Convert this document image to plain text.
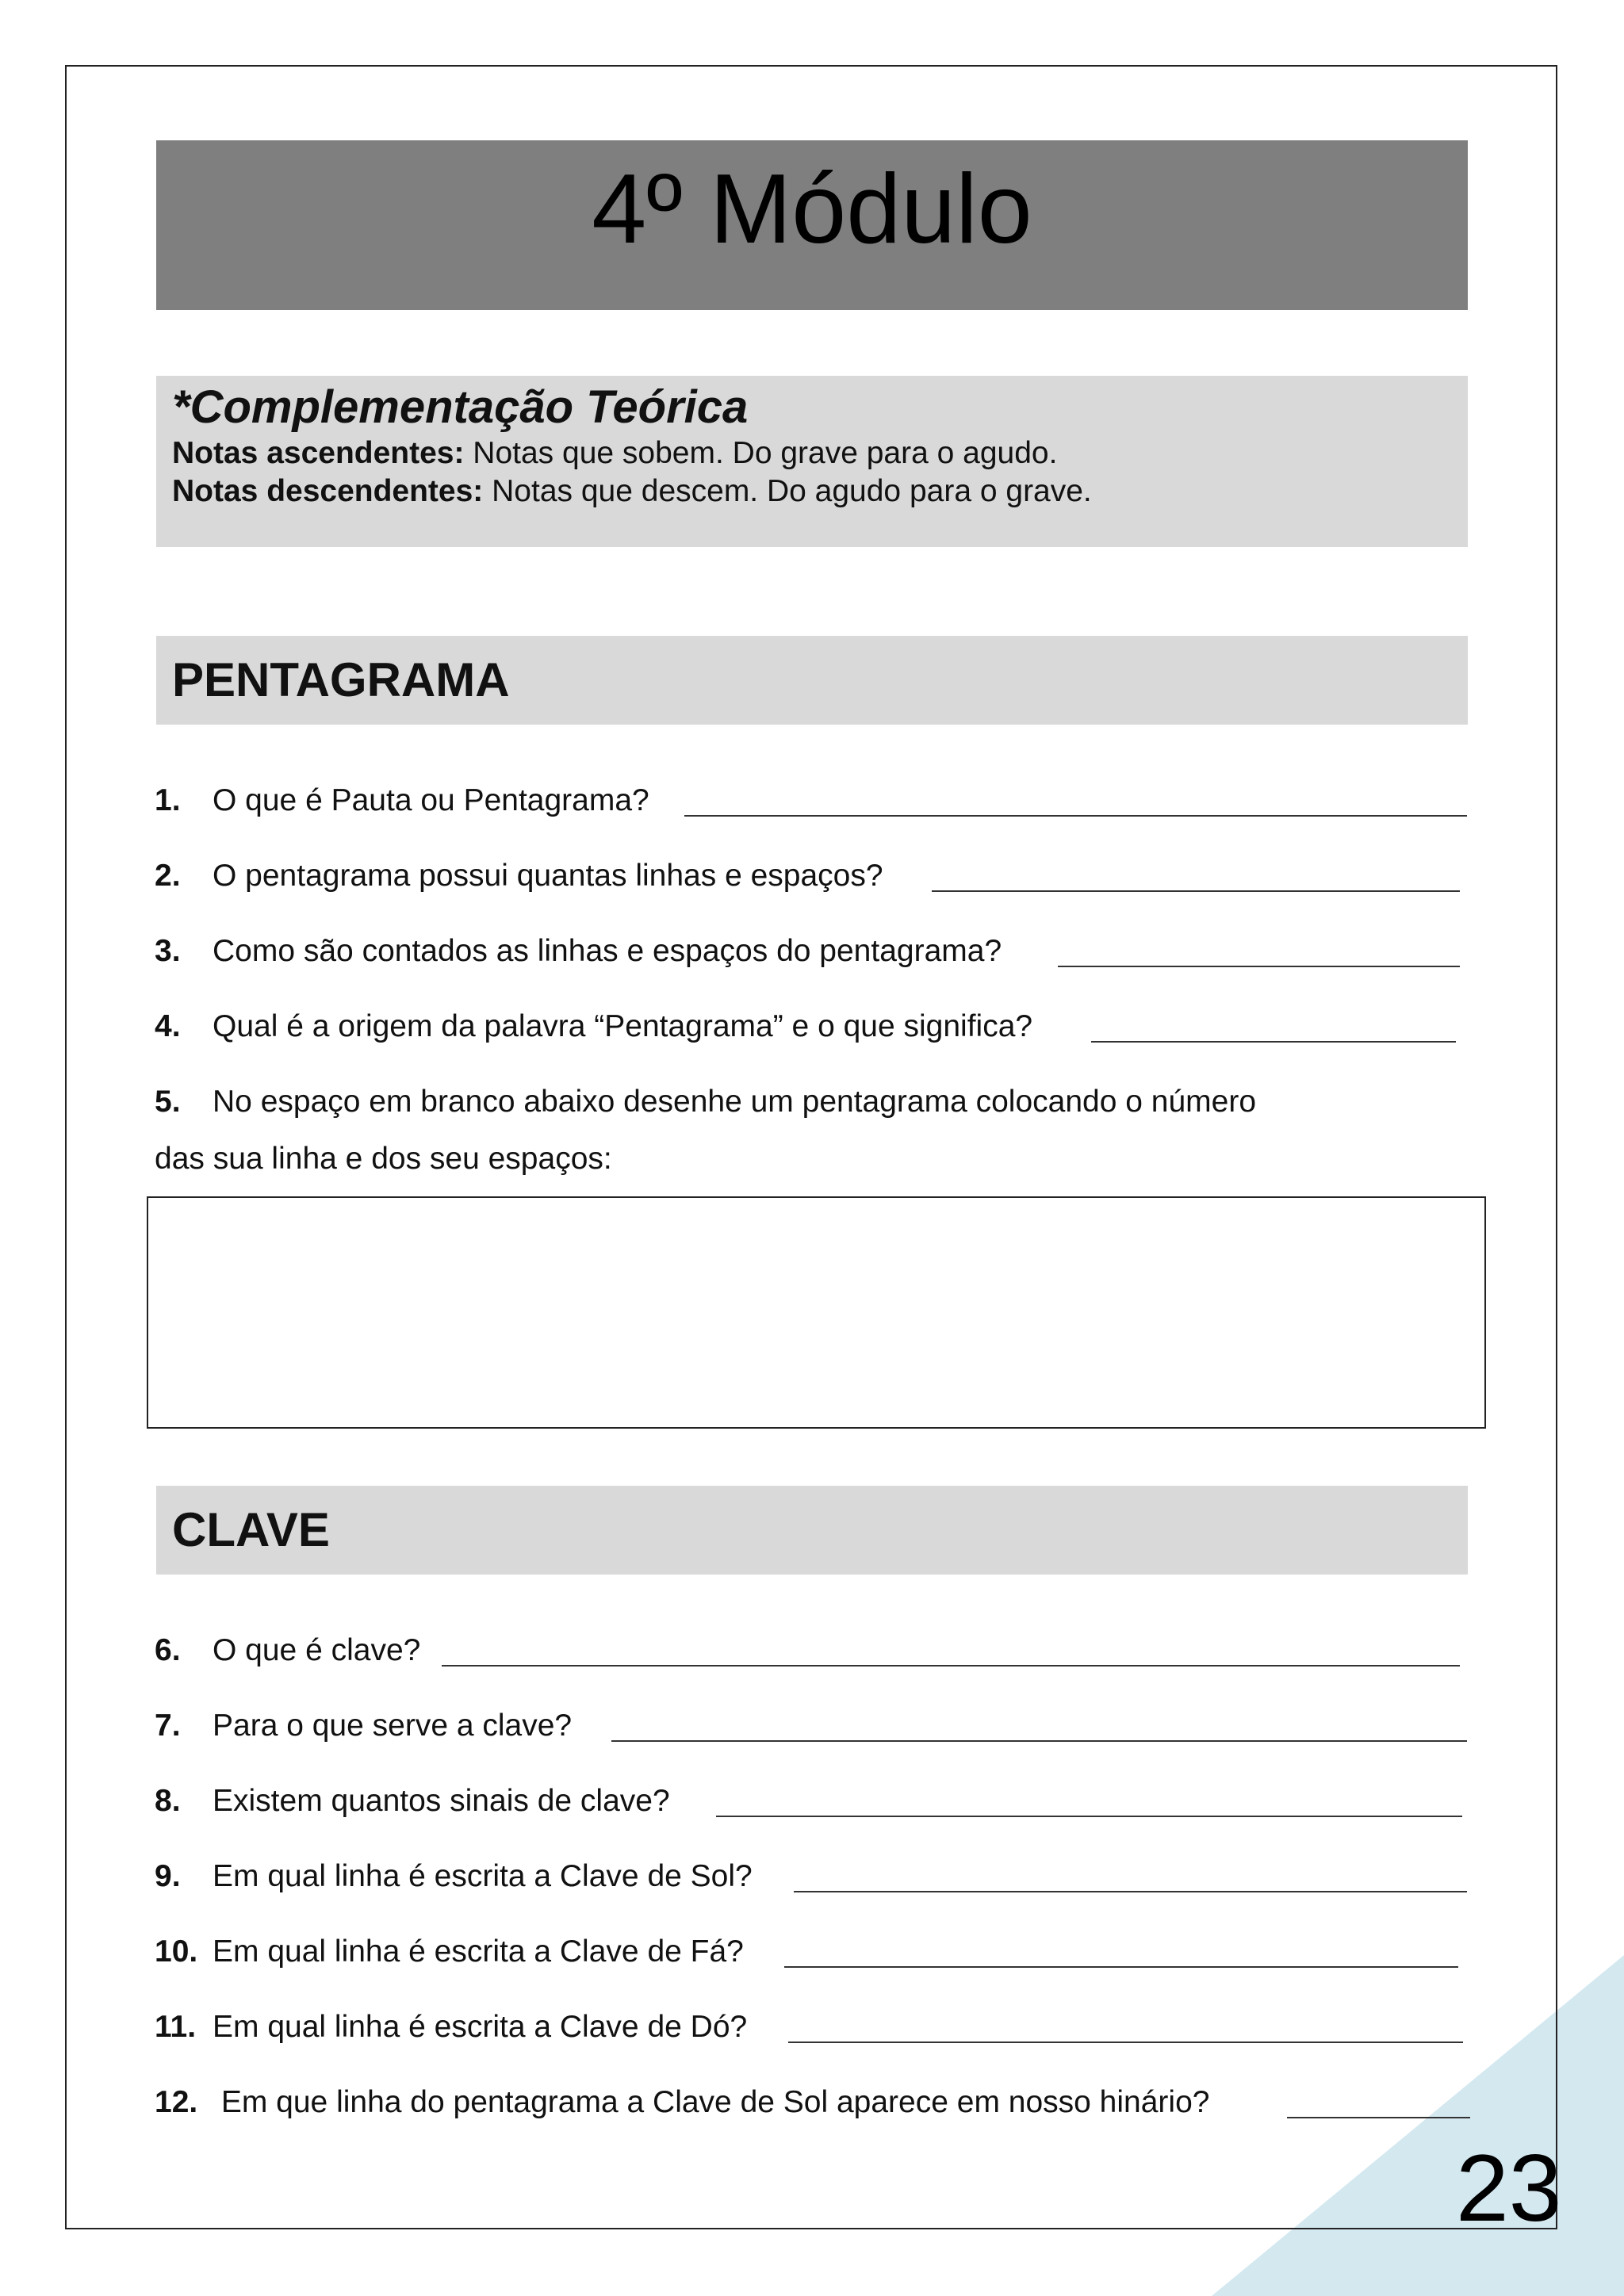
4º Módulo
*Complementação Teórica
Notas ascendentes: Notas que sobem. Do grave para o agudo.
Notas descendentes: Notas que descem. Do agudo para o grave.
PENTAGRAMA
1. O que é Pauta ou Pentagrama?
2. O pentagrama possui quantas linhas e espaços?
3. Como são contados as linhas e espaços do pentagrama?
4. Qual é a origem da palavra “Pentagrama” e o que significa?
5. No espaço em branco abaixo desenhe um pentagrama colocando o número
das sua linha e dos seu espaços:
CLAVE
6. O que é clave?
7. Para o que serve a clave?
8. Existem quantos sinais de clave?
9. Em qual linha é escrita a Clave de Sol?
10. Em qual linha é escrita a Clave de Fá?
11. Em qual linha é escrita a Clave de Dó?
12. Em que linha do pentagrama a Clave de Sol aparece em nosso hinário?
23
